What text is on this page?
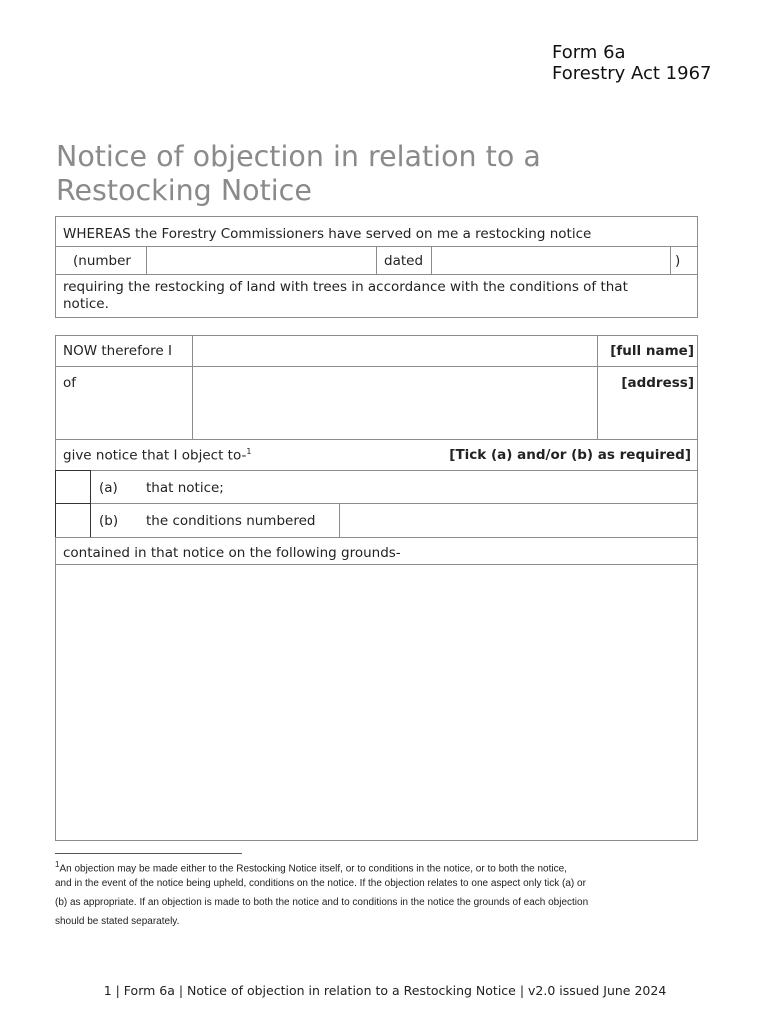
Form 6a
Forestry Act 1967
Notice of objection in relation to a Restocking Notice
WHEREAS the Forestry Commissioners have served on me a restocking notice
(number	dated	)
requiring the restocking of land with trees in accordance with the conditions of that
notice.
NOW therefore I	[full name]
of	[address]
give notice that I object to-$^1$	[Tick (a) and/or (b) as required]
(a) that notice;
(b) the conditions numbered
contained in that notice on the following grounds-
$^1$An objection may be made either to the Restocking Notice itself, or to conditions in the notice, or to both the notice,
and in the event of the notice being upheld, conditions on the notice. If the objection relates to one aspect only tick (a) or
(b) as appropriate. If an objection is made to both the notice and to conditions in the notice the grounds of each objection
should be stated separately.
1 | Form 6a | Notice of objection in relation to a Restocking Notice | v2.0 issued June 2024
